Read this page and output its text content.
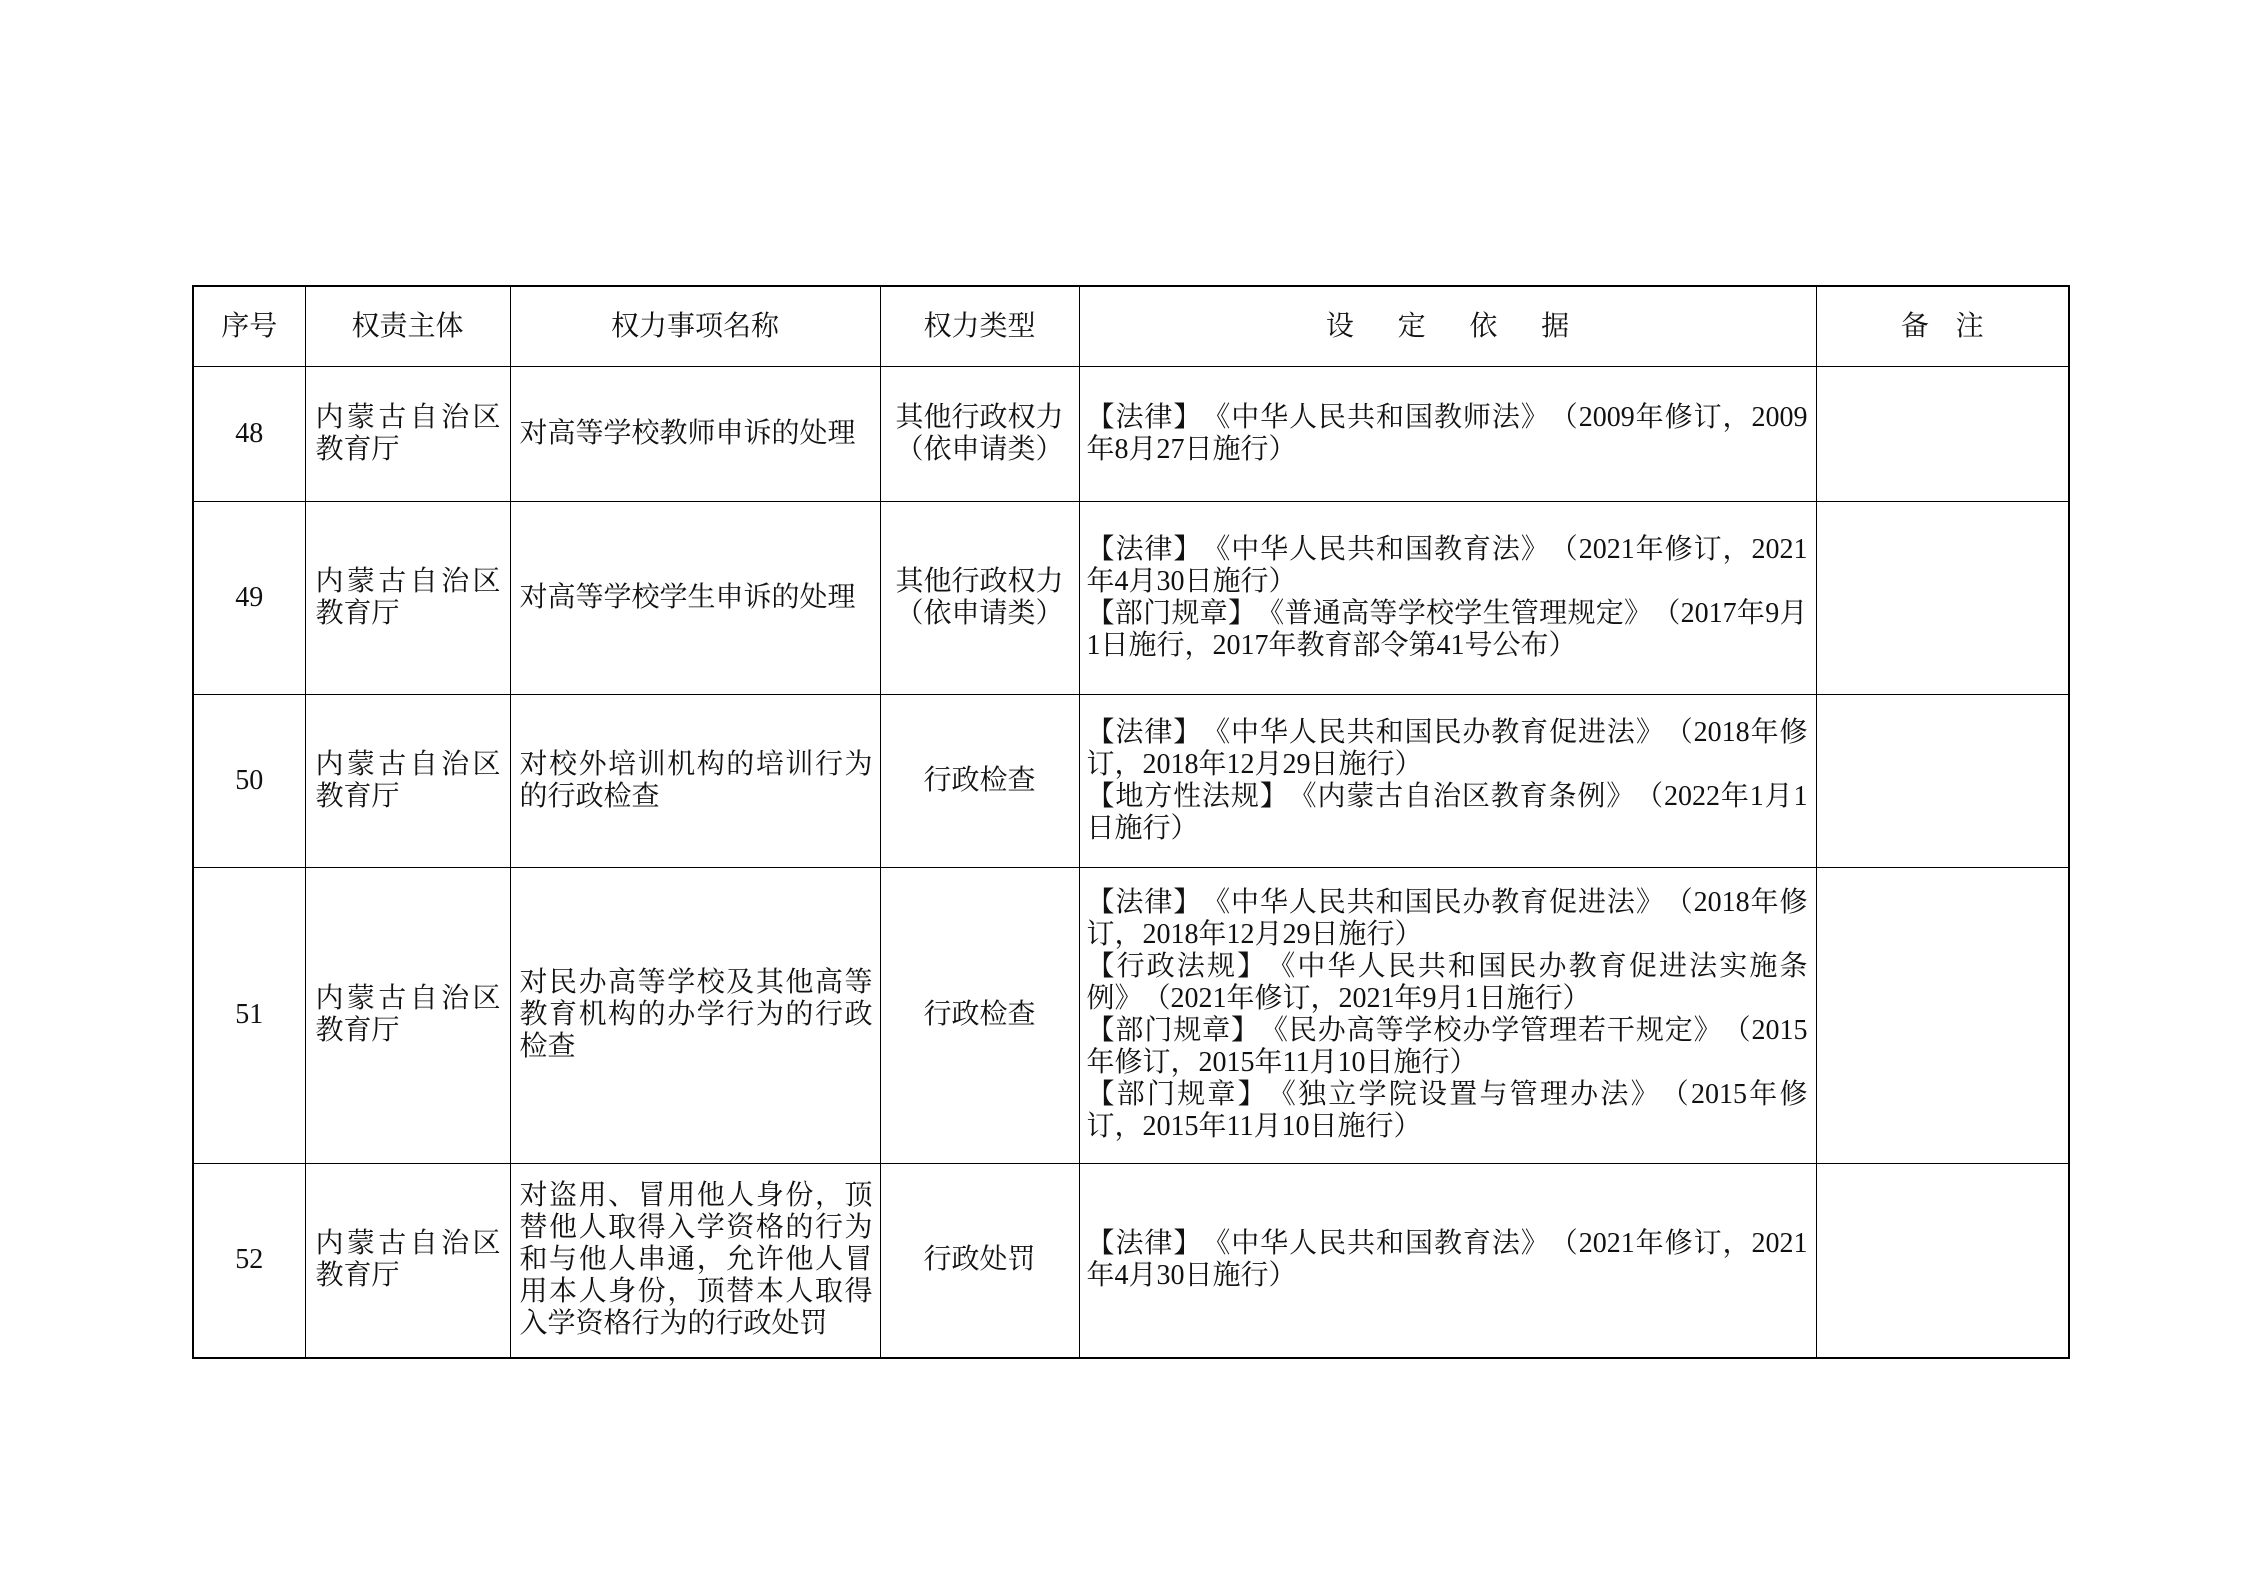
序号	权责主体	权力事项名称	权力类型	设 定 依 据	备 注
48	内蒙古自治区教育厅	对高等学校教师申诉的处理	其他行政权力（依申请类）	【法律】《中华人民共和国教师法》（2009年修订，2009年8月27日施行）	

49	内蒙古自治区教育厅	对高等学校学生申诉的处理	其他行政权力（依申请类）	【法律】《中华人民共和国教育法》（2021年修订，2021年4月30日施行）

【部门规章】《普通高等学校学生管理规定》（2017年9月1日施行，2017年教育部令第41号公布）	

50	内蒙古自治区教育厅	对校外培训机构的培训行为的行政检查	行政检查	【法律】《中华人民共和国民办教育促进法》（2018年修订，2018年12月29日施行）

【地方性法规】《内蒙古自治区教育条例》（2022年1月1日施行）	

51	内蒙古自治区教育厅	对民办高等学校及其他高等教育机构的办学行为的行政检查	行政检查	【法律】《中华人民共和国民办教育促进法》（2018年修订，2018年12月29日施行）

【行政法规】《中华人民共和国民办教育促进法实施条例》（2021年修订，2021年9月1日施行）

【部门规章】《民办高等学校办学管理若干规定》（2015年修订，2015年11月10日施行）

【部门规章】《独立学院设置与管理办法》（2015年修订，2015年11月10日施行）	

52	内蒙古自治区教育厅	对盗用、冒用他人身份，顶替他人取得入学资格的行为和与他人串通，允许他人冒用本人身份，顶替本人取得入学资格行为的行政处罚	行政处罚	【法律】《中华人民共和国教育法》（2021年修订，2021年4月30日施行）	
